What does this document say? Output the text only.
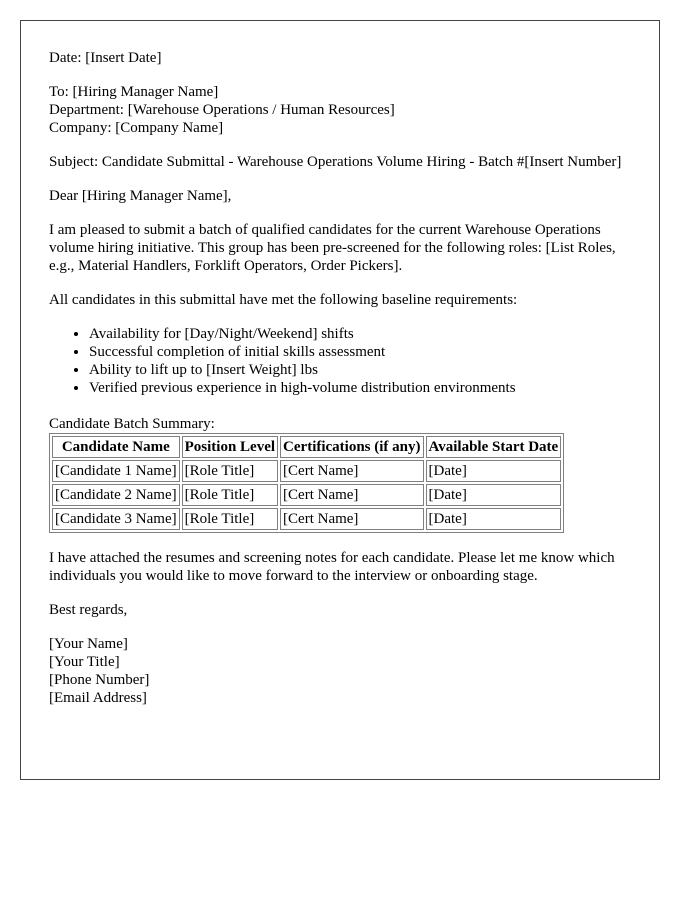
Date: [Insert Date]

To: [Hiring Manager Name]
Department: [Warehouse Operations / Human Resources]
Company: [Company Name]

Subject: Candidate Submittal - Warehouse Operations Volume Hiring - Batch #[Insert Number]

Dear [Hiring Manager Name],

I am pleased to submit a batch of qualified candidates for the current Warehouse Operations volume hiring initiative. This group has been pre-screened for the following roles: [List Roles, e.g., Material Handlers, Forklift Operators, Order Pickers].

All candidates in this submittal have met the following baseline requirements:

• Availability for [Day/Night/Weekend] shifts
• Successful completion of initial skills assessment
• Ability to lift up to [Insert Weight] lbs
• Verified previous experience in high-volume distribution environments
Candidate Batch Summary:
Candidate Name	Position Level	Certifications (if any)	Available Start Date
[Candidate 1 Name]	[Role Title]	[Cert Name]	[Date]
[Candidate 2 Name]	[Role Title]	[Cert Name]	[Date]
[Candidate 3 Name]	[Role Title]	[Cert Name]	[Date]

I have attached the resumes and screening notes for each candidate. Please let me know which individuals you would like to move forward to the interview or onboarding stage.

Best regards,

[Your Name]
[Your Title]
[Phone Number]
[Email Address]
